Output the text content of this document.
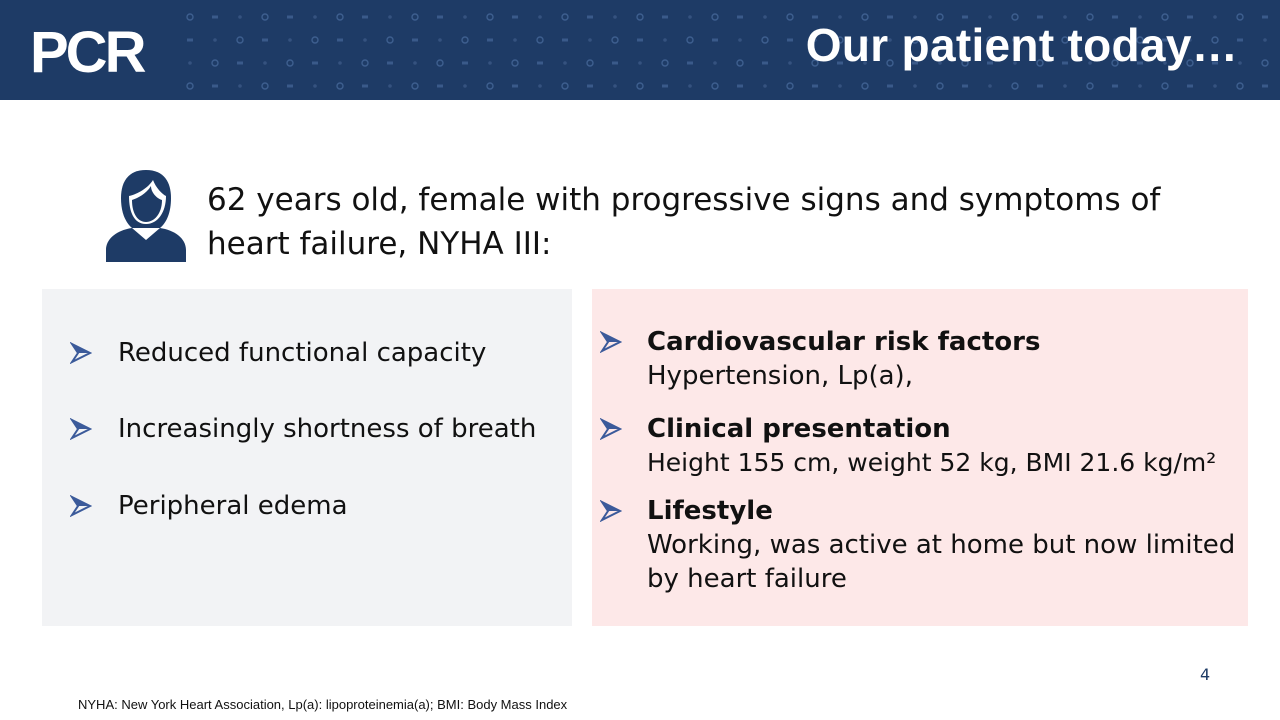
PCR	Our patient today…
62 years old, female with progressive signs and symptoms of
heart failure, NYHA III:
Reduced functional capacity
Increasingly shortness of breath
Peripheral edema
Cardiovascular risk factors
Hypertension, Lp(a),
Clinical presentation
Height 155 cm, weight 52 kg, BMI 21.6 kg/m²
Lifestyle
Working, was active at home but now limited
by heart failure
4
NYHA: New York Heart Association, Lp(a): lipoproteinemia(a); BMI: Body Mass Index
